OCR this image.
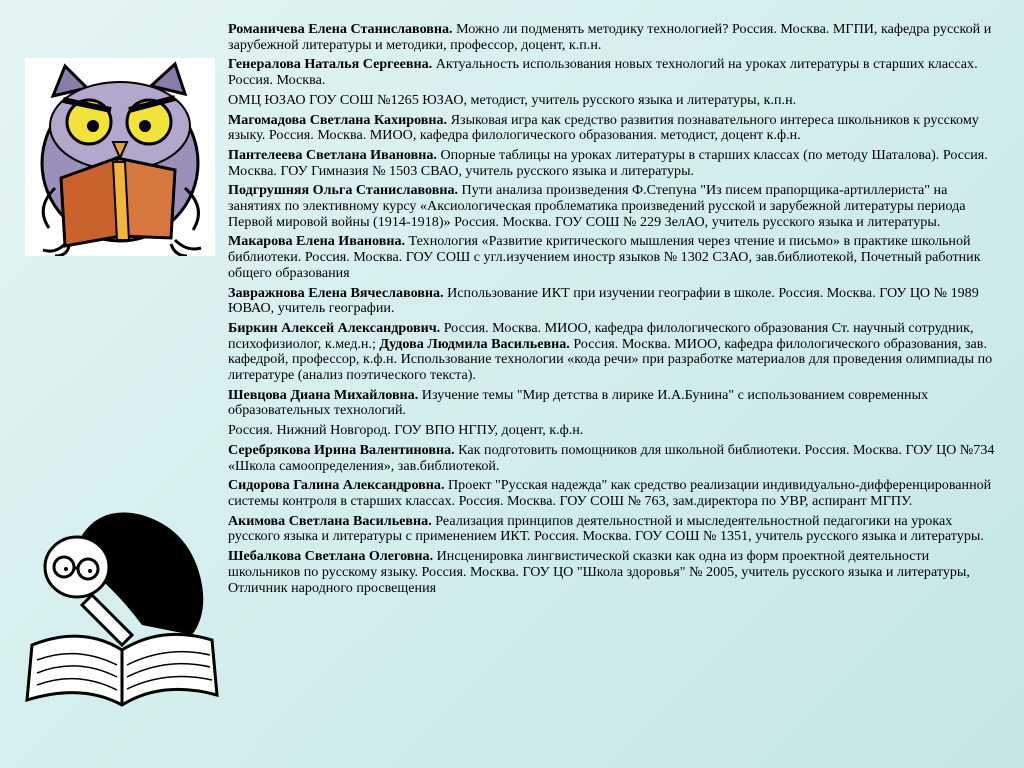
Романичева Елена Станиславовна. Можно ли подменять методику технологией? Россия. Москва. МГПИ, кафедра русской и зарубежной литературы и методики, профессор, доцент, к.п.н.

Генералова Наталья Сергеевна. Актуальность использования новых технологий на уроках литературы в старших классах. Россия. Москва.

ОМЦ ЮЗАО ГОУ СОШ №1265 ЮЗАО, методист, учитель русского языка и литературы, к.п.н.

Магомадова Светлана Кахировна. Языковая игра как средство развития познавательного интереса школьников к русскому языку. Россия. Москва. МИОО, кафедра филологического образования. методист, доцент к.ф.н.

Пантелеева Светлана Ивановна. Опорные таблицы на уроках литературы в старших классах (по методу Шаталова). Россия. Москва. ГОУ Гимназия № 1503 СВАО, учитель русского языка и литературы.

Подгрушняя Ольга Станиславовна. Пути анализа произведения Ф.Степуна "Из писем прапорщика-артиллериста" на занятиях по элективному курсу «Аксиологическая проблематика произведений русской и зарубежной литературы периода Первой мировой войны (1914-1918)» Россия. Москва. ГОУ СОШ № 229 ЗелАО, учитель русского языка и литературы.

Макарова Елена Ивановна. Технология «Развитие критического мышления через чтение и письмо» в практике школьной библиотеки. Россия. Москва. ГОУ СОШ с угл.изучением иностр языков № 1302 СЗАО, зав.библиотекой, Почетный работник общего образования

Завражнова Елена Вячеславовна. Использование ИКТ при изучении географии в школе. Россия. Москва. ГОУ ЦО № 1989 ЮВАО, учитель географии.

Биркин Алексей Александрович. Россия. Москва. МИОО, кафедра филологического образования Ст. научный сотрудник, психофизиолог, к.мед.н.; Дудова Людмила Васильевна. Россия. Москва. МИОО, кафедра филологического образования, зав. кафедрой, профессор, к.ф.н. Использование технологии «кода речи» при разработке материалов для проведения олимпиады по литературе (анализ поэтического текста).

Шевцова Диана Михайловна. Изучение темы "Мир детства в лирике И.А.Бунина" с использованием современных образовательных технологий.

Россия. Нижний Новгород. ГОУ ВПО НГПУ, доцент, к.ф.н.

Серебрякова Ирина Валентиновна. Как подготовить помощников для школьной библиотеки. Россия. Москва. ГОУ ЦО №734 «Школа самоопределения», зав.библиотекой.

Сидорова Галина Александровна. Проект "Русская надежда" как средство реализации индивидуально-дифференцированной системы контроля в старших классах. Россия. Москва. ГОУ СОШ № 763, зам.директора по УВР, аспирант МГПУ.

Акимова Светлана Васильевна. Реализация принципов деятельностной и мыследеятельностной педагогики на уроках русского языка и литературы с применением ИКТ. Россия. Москва. ГОУ СОШ № 1351, учитель русского языка и литературы.

Шебалкова Светлана Олеговна. Инсценировка лингвистической сказки как одна из форм проектной деятельности школьников по русскому языку. Россия. Москва. ГОУ ЦО "Школа здоровья" № 2005, учитель русского языка и литературы, Отличник народного просвещения
